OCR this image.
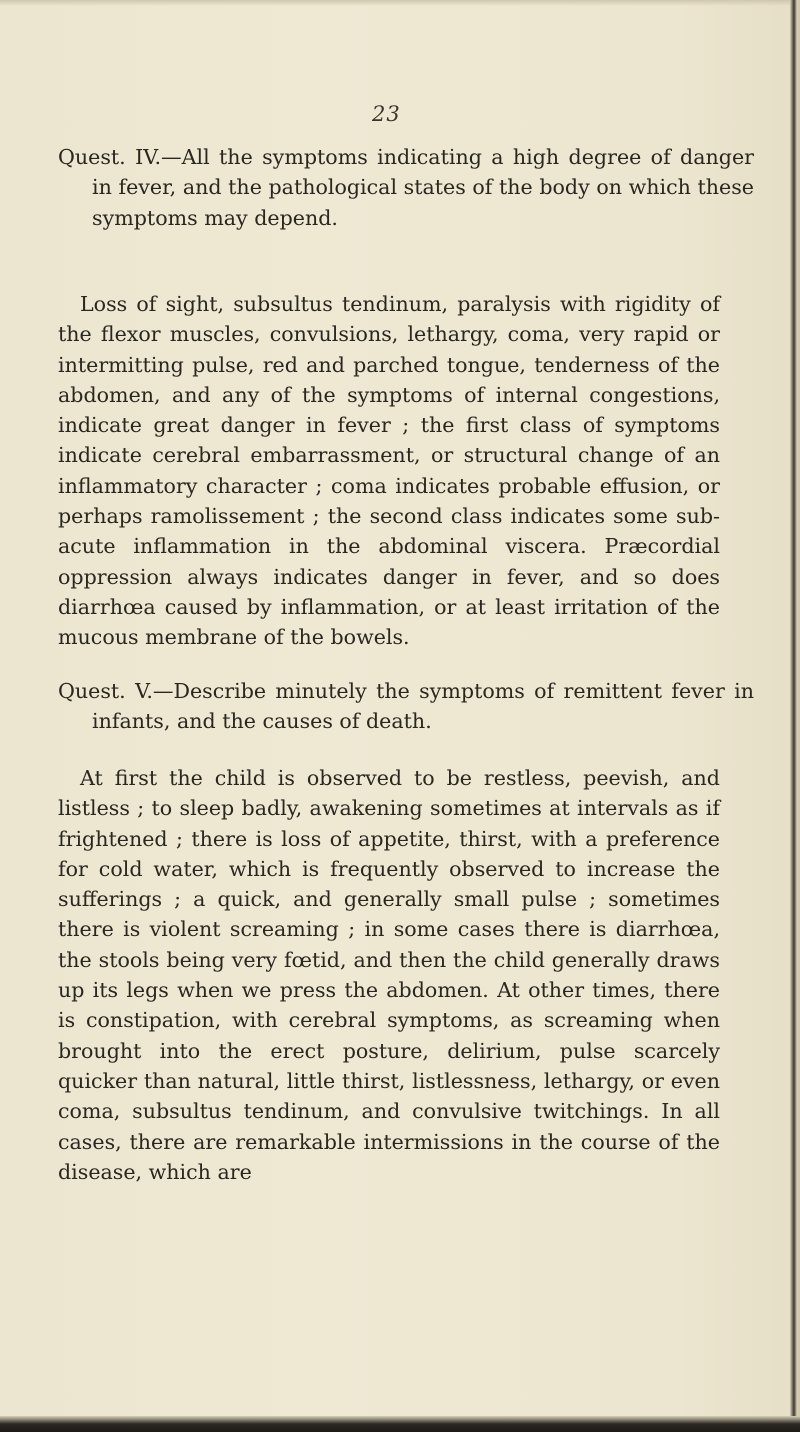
23

Quest. IV.—All the symptoms indicating a high degree of danger in fever, and the pathological states of the body on which these symptoms may depend.

Loss of sight, subsultus tendinum, paralysis with rigidity of the flexor muscles, convulsions, lethargy, coma, very rapid or intermitting pulse, red and parched tongue, tenderness of the abdomen, and any of the symptoms of internal congestions, indicate great danger in fever ; the first class of symptoms indicate cerebral embarrassment, or structural change of an inflammatory character ; coma indicates probable effusion, or perhaps ramolissement ; the second class indicates some sub-acute inflammation in the abdominal viscera. Præcordial oppression always indicates danger in fever, and so does diarrhœa caused by inflammation, or at least irritation of the mucous membrane of the bowels.

Quest. V.—Describe minutely the symptoms of remittent fever in infants, and the causes of death.

At first the child is observed to be restless, peevish, and listless ; to sleep badly, awakening sometimes at intervals as if frightened ; there is loss of appetite, thirst, with a preference for cold water, which is frequently observed to increase the sufferings ; a quick, and generally small pulse ; sometimes there is violent screaming ; in some cases there is diarrhœa, the stools being very fœtid, and then the child generally draws up its legs when we press the abdomen. At other times, there is constipation, with cerebral symptoms, as screaming when brought into the erect posture, delirium, pulse scarcely quicker than natural, little thirst, listlessness, lethargy, or even coma, subsultus tendinum, and convulsive twitchings. In all cases, there are remarkable intermissions in the course of the disease, which are
